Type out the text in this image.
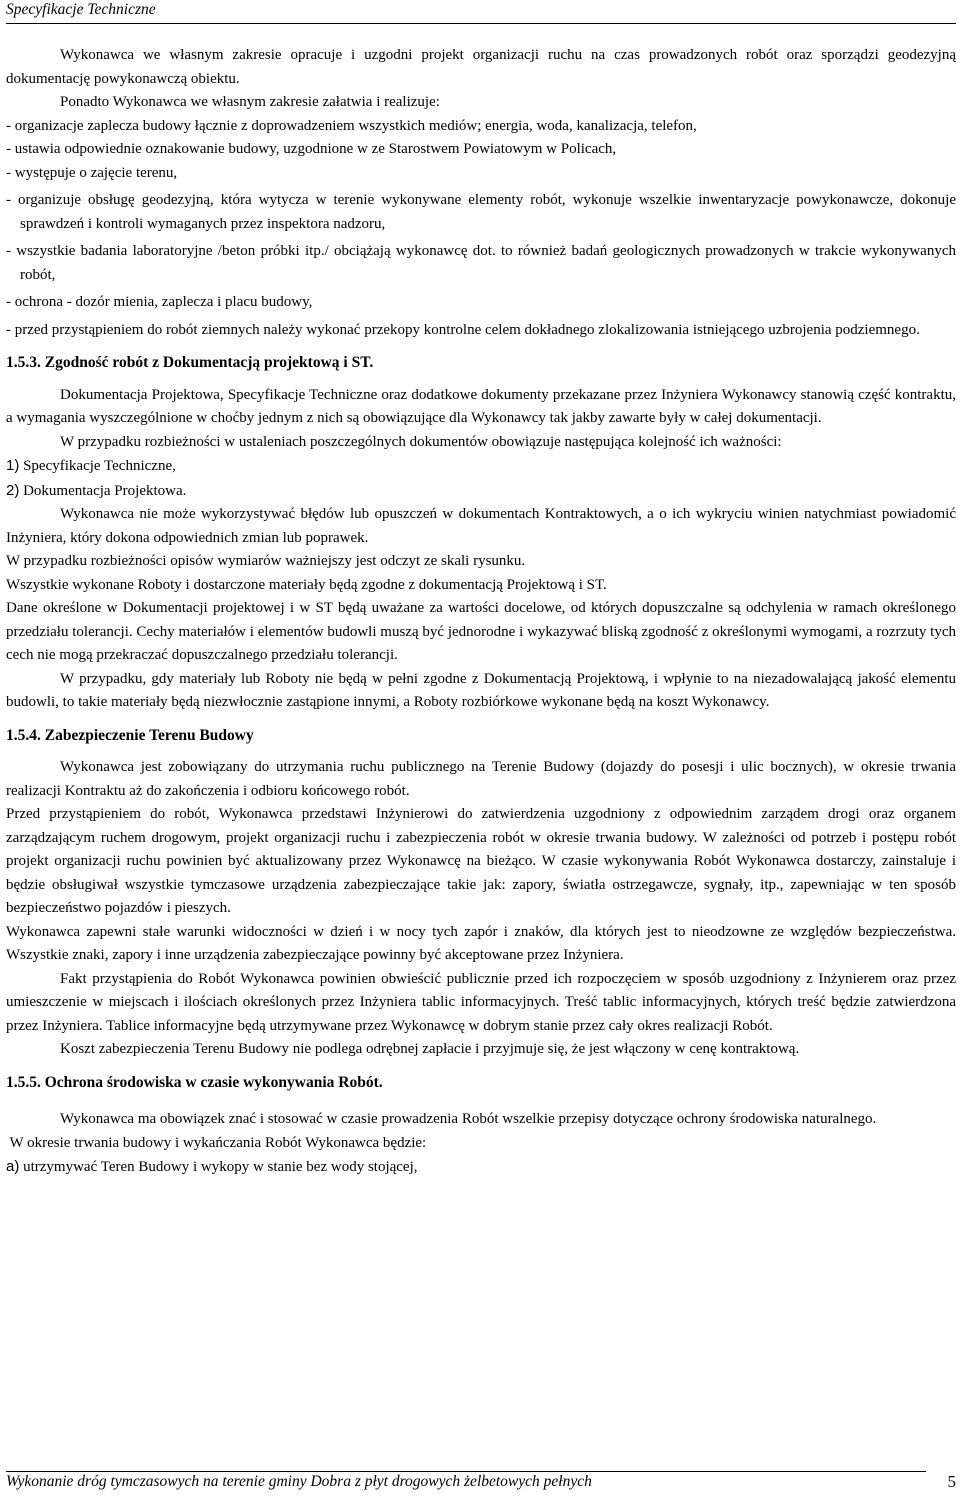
Specyfikacje Techniczne

Wykonawca we własnym zakresie opracuje i uzgodni projekt organizacji ruchu na czas prowadzonych robót oraz sporządzi geodezyjną dokumentację powykonawczą obiektu.

Ponadto Wykonawca we własnym zakresie załatwia i realizuje:

- organizacje zaplecza budowy łącznie z doprowadzeniem wszystkich mediów; energia, woda, kanalizacja, telefon,

- ustawia odpowiednie oznakowanie budowy, uzgodnione w ze Starostwem Powiatowym w Policach,

- występuje o zajęcie terenu,

- organizuje obsługę geodezyjną, która wytycza w terenie wykonywane elementy robót, wykonuje wszelkie inwentaryzacje powykonawcze, dokonuje sprawdzeń i kontroli wymaganych przez inspektora nadzoru,

- wszystkie badania laboratoryjne /beton próbki itp./ obciążają wykonawcę dot. to również badań geologicznych prowadzonych w trakcie wykonywanych robót,

- ochrona - dozór mienia, zaplecza i placu budowy,

- przed przystąpieniem do robót ziemnych należy wykonać przekopy kontrolne celem dokładnego zlokalizowania istniejącego uzbrojenia podziemnego.

1.5.3. Zgodność robót z Dokumentacją projektową i ST.

Dokumentacja Projektowa, Specyfikacje Techniczne oraz dodatkowe dokumenty przekazane przez Inżyniera Wykonawcy stanowią część kontraktu, a wymagania wyszczególnione w choćby jednym z nich są obowiązujące dla Wykonawcy tak jakby zawarte były w całej dokumentacji.

W przypadku rozbieżności w ustaleniach poszczególnych dokumentów obowiązuje następująca kolejność ich ważności:

1) Specyfikacje Techniczne,

2) Dokumentacja Projektowa.

Wykonawca nie może wykorzystywać błędów lub opuszczeń w dokumentach Kontraktowych, a o ich wykryciu winien natychmiast powiadomić Inżyniera, który dokona odpowiednich zmian lub poprawek.

W przypadku rozbieżności opisów wymiarów ważniejszy jest odczyt ze skali rysunku.

Wszystkie wykonane Roboty i dostarczone materiały będą zgodne z dokumentacją Projektową i ST.

Dane określone w Dokumentacji projektowej i w ST będą uważane za wartości docelowe, od których dopuszczalne są odchylenia w ramach określonego przedziału tolerancji. Cechy materiałów i elementów budowli muszą być jednorodne i wykazywać bliską zgodność z określonymi wymogami, a rozrzuty tych cech nie mogą przekraczać dopuszczalnego przedziału tolerancji.

W przypadku, gdy materiały lub Roboty nie będą w pełni zgodne z Dokumentacją Projektową, i wpłynie to na niezadowalającą jakość elementu budowli, to takie materiały będą niezwłocznie zastąpione innymi, a Roboty rozbiórkowe wykonane będą na koszt Wykonawcy.

1.5.4. Zabezpieczenie Terenu Budowy

Wykonawca jest zobowiązany do utrzymania ruchu publicznego na Terenie Budowy (dojazdy do posesji i ulic bocznych), w okresie trwania realizacji Kontraktu aż do zakończenia i odbioru końcowego robót.

Przed przystąpieniem do robót, Wykonawca przedstawi Inżynierowi do zatwierdzenia uzgodniony z odpowiednim zarządem drogi oraz organem zarządzającym ruchem drogowym, projekt organizacji ruchu i zabezpieczenia robót w okresie trwania budowy. W zależności od potrzeb i postępu robót projekt organizacji ruchu powinien być aktualizowany przez Wykonawcę na bieżąco. W czasie wykonywania Robót Wykonawca dostarczy, zainstaluje i będzie obsługiwał wszystkie tymczasowe urządzenia zabezpieczające takie jak: zapory, światła ostrzegawcze, sygnały, itp., zapewniając w ten sposób bezpieczeństwo pojazdów i pieszych.

Wykonawca zapewni stałe warunki widoczności w dzień i w nocy tych zapór i znaków, dla których jest to nieodzowne ze względów bezpieczeństwa. Wszystkie znaki, zapory i inne urządzenia zabezpieczające powinny być akceptowane przez Inżyniera.

Fakt przystąpienia do Robót Wykonawca powinien obwieścić publicznie przed ich rozpoczęciem w sposób uzgodniony z Inżynierem oraz przez umieszczenie w miejscach i ilościach określonych przez Inżyniera tablic informacyjnych. Treść tablic informacyjnych, których treść będzie zatwierdzona przez Inżyniera. Tablice informacyjne będą utrzymywane przez Wykonawcę w dobrym stanie przez cały okres realizacji Robót.

Koszt zabezpieczenia Terenu Budowy nie podlega odrębnej zapłacie i przyjmuje się, że jest włączony w cenę kontraktową.

1.5.5. Ochrona środowiska w czasie wykonywania Robót.

Wykonawca ma obowiązek znać i stosować w czasie prowadzenia Robót wszelkie przepisy dotyczące ochrony środowiska naturalnego.

W okresie trwania budowy i wykańczania Robót Wykonawca będzie:

a) utrzymywać Teren Budowy i wykopy w stanie bez wody stojącej,

Wykonanie dróg tymczasowych na terenie gminy Dobra z płyt drogowych żelbetowych pełnych	5
